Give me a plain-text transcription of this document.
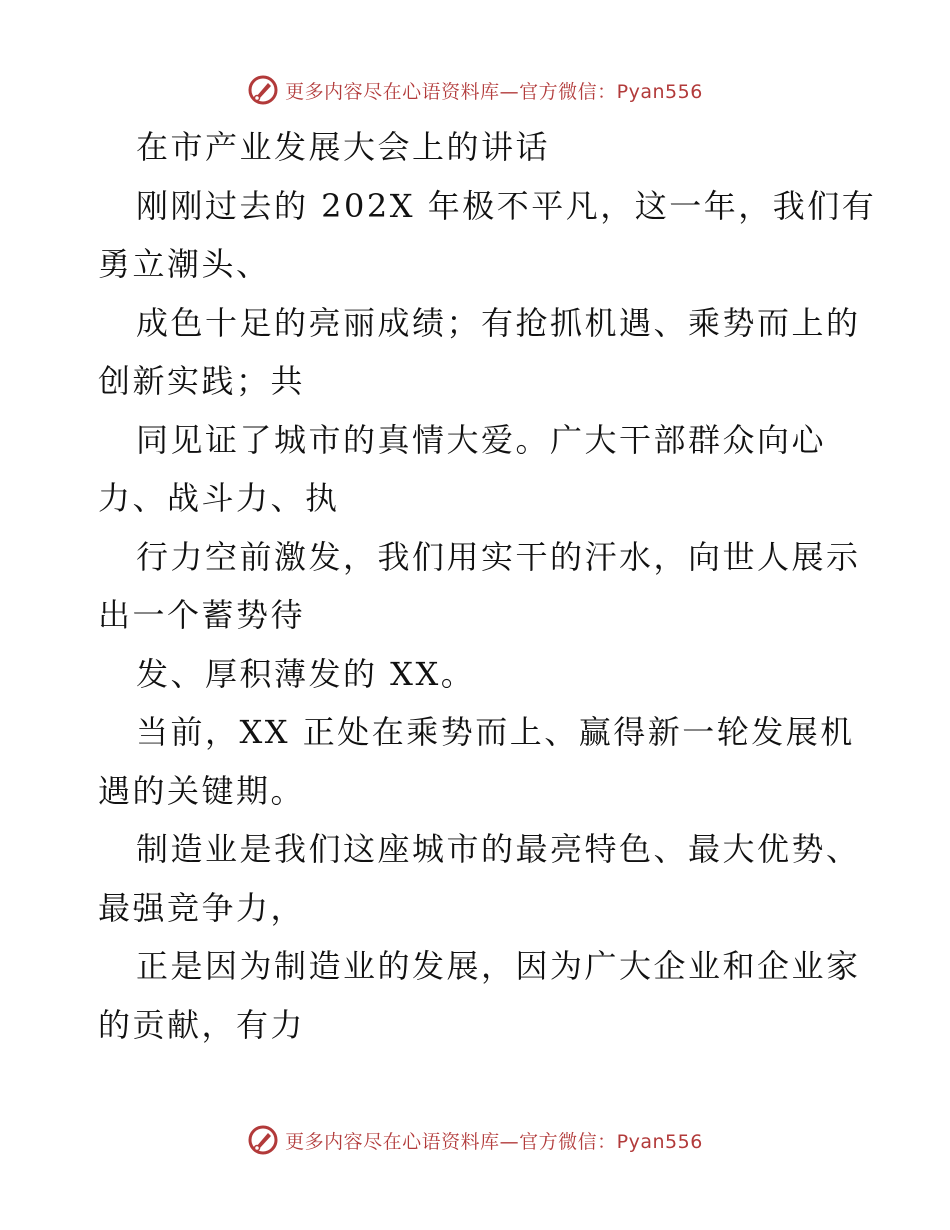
更多内容尽在心语资料库—官方微信：Pyan556
在市产业发展大会上的讲话
刚刚过去的 202X 年极不平凡，这一年，我们有
勇立潮头、
成色十足的亮丽成绩；有抢抓机遇、乘势而上的
创新实践；共
同见证了城市的真情大爱。广大干部群众向心
力、战斗力、执
行力空前激发，我们用实干的汗水，向世人展示
出一个蓄势待
发、厚积薄发的 XX。
当前，XX 正处在乘势而上、赢得新一轮发展机
遇的关键期。
制造业是我们这座城市的最亮特色、最大优势、
最强竞争力，
正是因为制造业的发展，因为广大企业和企业家
的贡献，有力
更多内容尽在心语资料库—官方微信：Pyan556
